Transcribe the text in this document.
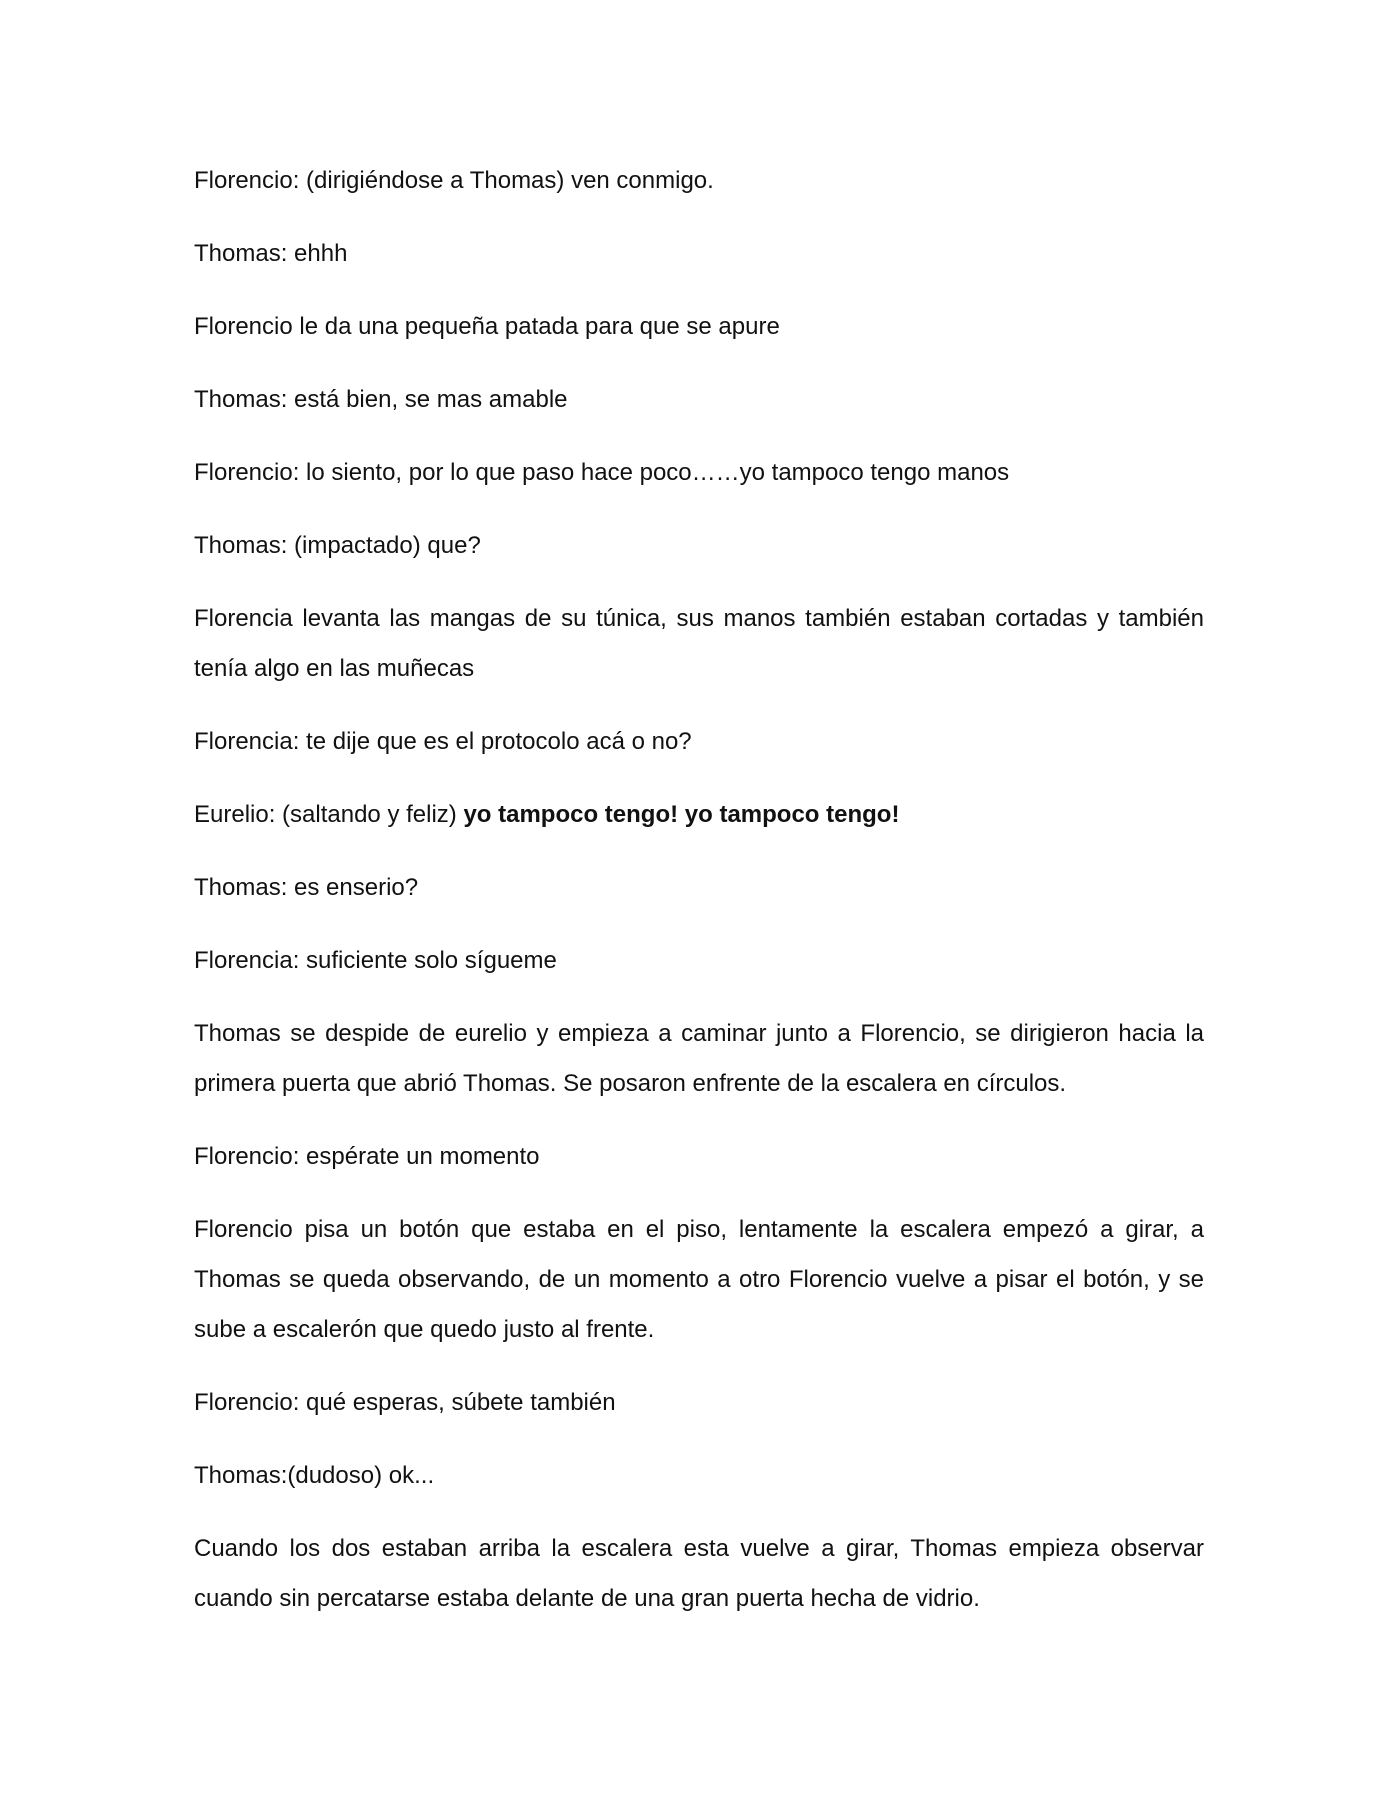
Florencio: (dirigiéndose a Thomas) ven conmigo.

Thomas: ehhh

Florencio le da una pequeña patada para que se apure

Thomas: está bien, se mas amable

Florencio: lo siento, por lo que paso hace poco……yo tampoco tengo manos

Thomas: (impactado) que?

Florencia levanta las mangas de su túnica, sus manos también estaban cortadas y también tenía algo en las muñecas

Florencia: te dije que es el protocolo acá o no?

Eurelio: (saltando y feliz) yo tampoco tengo! yo tampoco tengo!

Thomas: es enserio?

Florencia: suficiente solo sígueme

Thomas se despide de eurelio y empieza a caminar junto a Florencio, se dirigieron hacia la primera puerta que abrió Thomas. Se posaron enfrente de la escalera en círculos.

Florencio: espérate un momento

Florencio pisa un botón que estaba en el piso, lentamente la escalera empezó a girar, a Thomas se queda observando, de un momento a otro Florencio vuelve a pisar el botón, y se sube a escalerón que quedo justo al frente.

Florencio: qué esperas, súbete también

Thomas:(dudoso) ok...

Cuando los dos estaban arriba la escalera esta vuelve a girar, Thomas empieza observar cuando sin percatarse estaba delante de una gran puerta hecha de vidrio.
